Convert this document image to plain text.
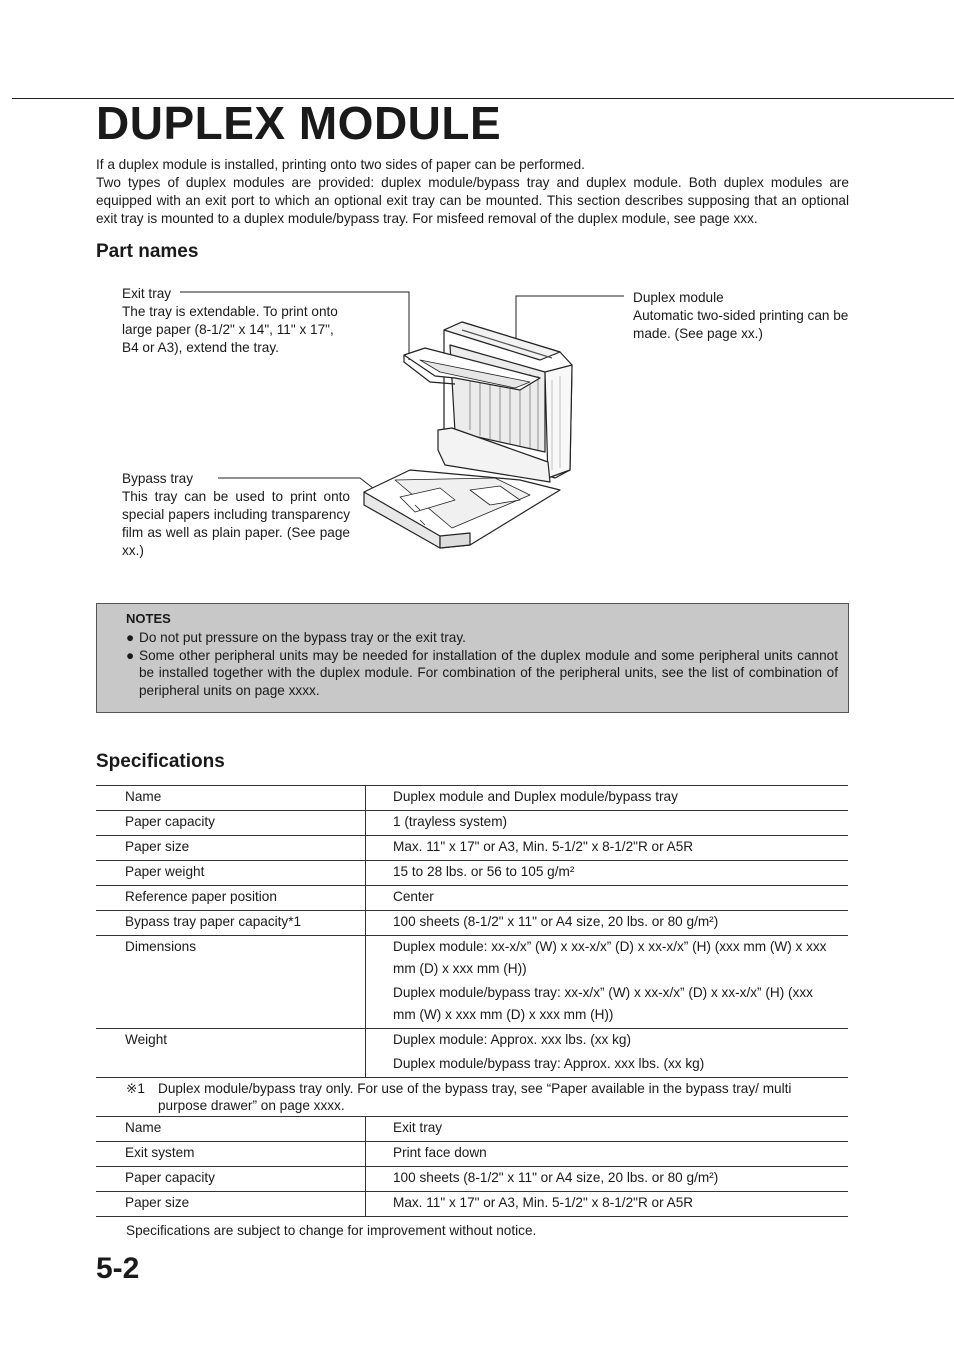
DUPLEX MODULE

If a duplex module is installed, printing onto two sides of paper can be performed.

Two types of duplex modules are provided: duplex module/bypass tray and duplex module. Both duplex modules are equipped with an exit port to which an optional exit tray can be mounted. This section describes supposing that an optional exit tray is mounted to a duplex module/bypass tray. For misfeed removal of the duplex module, see page xxx.

Part names
Exit tray
The tray is extendable. To print onto large paper (8-1/2" x 14", 11" x 17", B4 or A3), extend the tray.
Duplex module
Automatic two-sided printing can be made. (See page xx.)
Bypass tray
This tray can be used to print onto special papers including transparency film as well as plain paper. (See page xx.)
NOTES
● Do not put pressure on the bypass tray or the exit tray.
● Some other peripheral units may be needed for installation of the duplex module and some peripheral units cannot be installed together with the duplex module. For combination of the peripheral units, see the list of combination of peripheral units on page xxxx.
Specifications
Name	Duplex module and Duplex module/bypass tray
Paper capacity	1 (trayless system)
Paper size	Max. 11" x 17" or A3, Min. 5-1/2" x 8-1/2"R or A5R
Paper weight	15 to 28 lbs. or 56 to 105 g/m²
Reference paper position	Center
Bypass tray paper capacity*1	100 sheets (8-1/2" x 11" or A4 size, 20 lbs. or 80 g/m²)
Dimensions	Duplex module: xx-x/x” (W) x xx-x/x” (D) x xx-x/x” (H) (xxx mm (W) x xxx mm (D) x xxx mm (H))
Duplex module/bypass tray: xx-x/x” (W) x xx-x/x” (D) x xx-x/x” (H) (xxx mm (W) x xxx mm (D) x xxx mm (H))

Weight	Duplex module: Approx. xxx lbs. (xx kg)
Duplex module/bypass tray: Approx. xxx lbs. (xx kg)
※1 Duplex module/bypass tray only. For use of the bypass tray, see “Paper available in the bypass tray/ multi purpose drawer” on page xxxx.
Name	Exit tray
Exit system	Print face down
Paper capacity	100 sheets (8-1/2" x 11" or A4 size, 20 lbs. or 80 g/m²)
Paper size	Max. 11" x 17" or A3, Min. 5-1/2" x 8-1/2"R or A5R
Specifications are subject to change for improvement without notice.
5-2
